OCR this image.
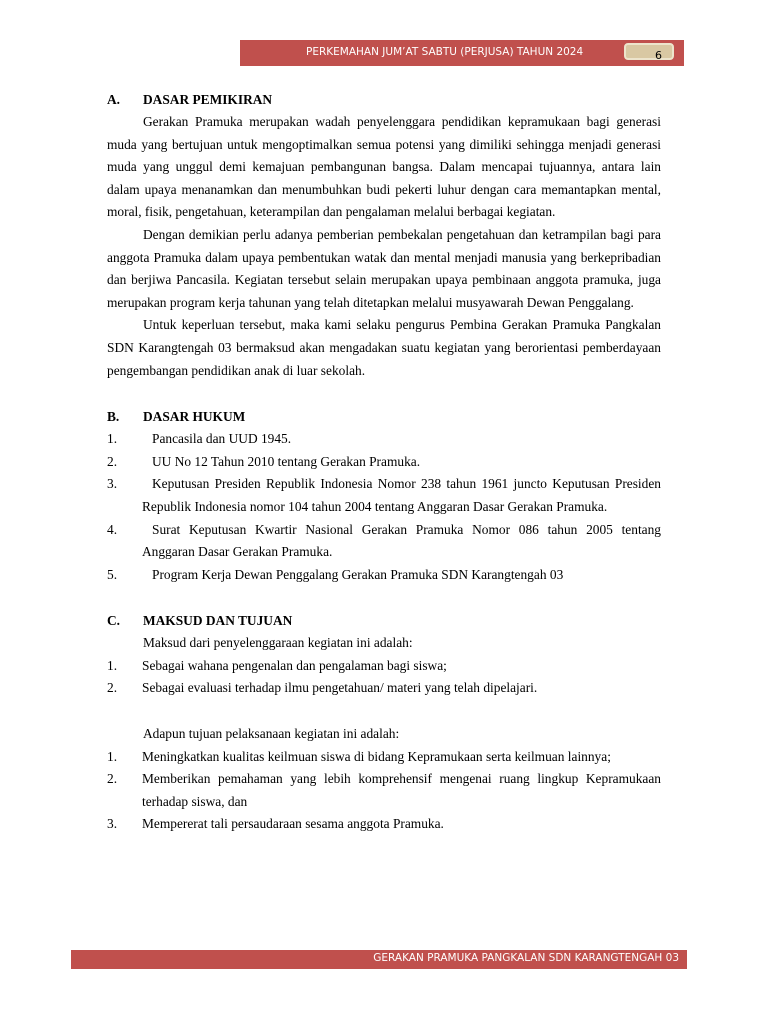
PERKEMAHAN JUM’AT SABTU (PERJUSA) TAHUN 2024	6
A.	DASAR PEMIKIRAN

Gerakan Pramuka merupakan wadah penyelenggara pendidikan kepramukaan bagi generasi muda yang bertujuan untuk mengoptimalkan semua potensi yang dimiliki sehingga menjadi generasi muda yang unggul demi kemajuan pembangunan bangsa. Dalam mencapai tujuannya, antara lain dalam upaya menanamkan dan menumbuhkan budi pekerti luhur dengan cara memantapkan mental, moral, fisik, pengetahuan, keterampilan dan pengalaman melalui berbagai kegiatan.

Dengan demikian perlu adanya pemberian pembekalan pengetahuan dan ketrampilan bagi para anggota Pramuka dalam upaya pembentukan watak dan mental menjadi manusia yang berkepribadian dan berjiwa Pancasila. Kegiatan tersebut selain merupakan upaya pembinaan anggota pramuka, juga merupakan program kerja tahunan yang telah ditetapkan melalui musyawarah Dewan Penggalang.

Untuk keperluan tersebut, maka kami selaku pengurus Pembina Gerakan Pramuka Pangkalan SDN Karangtengah 03 bermaksud akan mengadakan suatu kegiatan yang berorientasi pemberdayaan pengembangan pendidikan anak di luar sekolah.

B.	DASAR HUKUM
1.	Pancasila dan UUD 1945.
2.	UU No 12 Tahun 2010 tentang Gerakan Pramuka.
3.	Keputusan Presiden Republik Indonesia Nomor 238 tahun 1961 juncto Keputusan Presiden Republik Indonesia nomor 104 tahun 2004 tentang Anggaran Dasar Gerakan Pramuka.
4.	Surat Keputusan Kwartir Nasional Gerakan Pramuka Nomor 086 tahun 2005 tentang Anggaran Dasar Gerakan Pramuka.
5.	Program Kerja Dewan Penggalang Gerakan Pramuka SDN Karangtengah 03
C.	MAKSUD DAN TUJUAN
Maksud dari penyelenggaraan kegiatan ini adalah:
1.	Sebagai wahana pengenalan dan pengalaman bagi siswa;
2.	Sebagai evaluasi terhadap ilmu pengetahuan/ materi yang telah dipelajari.
Adapun tujuan pelaksanaan kegiatan ini adalah:
1.	Meningkatkan kualitas keilmuan siswa di bidang Kepramukaan serta keilmuan lainnya;
2.	Memberikan pemahaman yang lebih komprehensif mengenai ruang lingkup Kepramukaan terhadap siswa, dan
3.	Mempererat tali persaudaraan sesama anggota Pramuka.
GERAKAN PRAMUKA PANGKALAN SDN KARANGTENGAH 03
